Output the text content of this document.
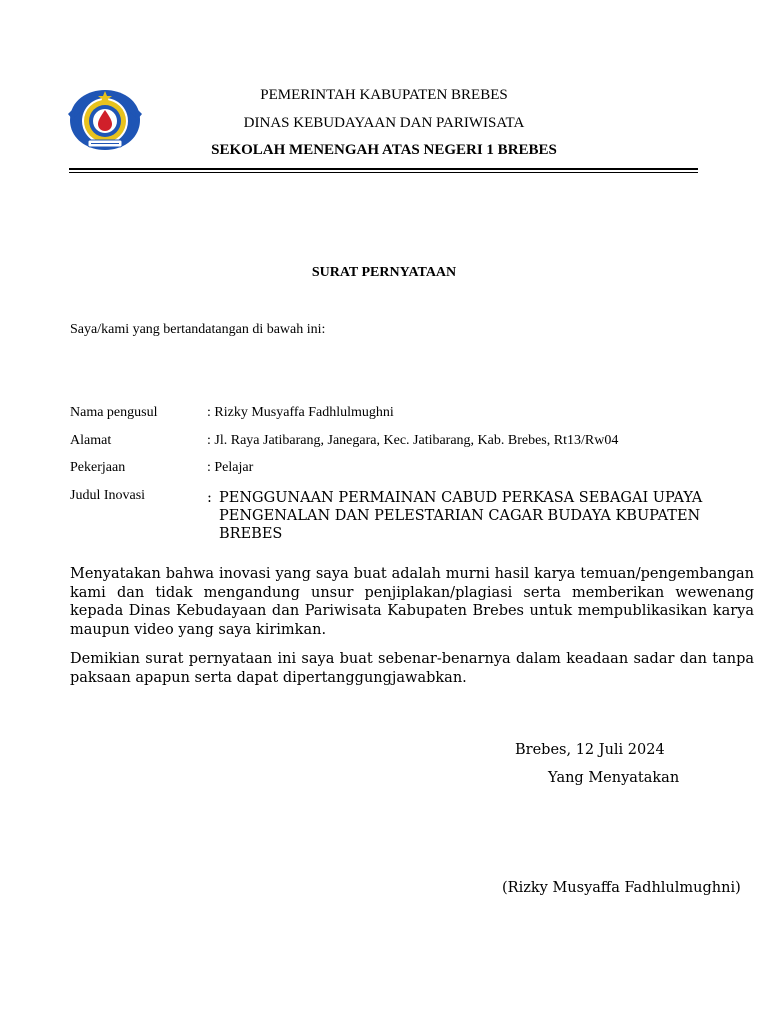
PEMERINTAH KABUPATEN BREBES
DINAS KEBUDAYAAN DAN PARIWISATA
SEKOLAH MENENGAH ATAS NEGERI 1 BREBES
SURAT PERNYATAAN
Saya/kami yang bertandatangan di bawah ini:
Nama pengusul	: Rizky Musyaffa Fadhlulmughni
Alamat	: Jl. Raya Jatibarang, Janegara, Kec. Jatibarang, Kab. Brebes, Rt13/Rw04
Pekerjaan	: Pelajar
Judul Inovasi	: PENGGUNAAN PERMAINAN CABUD PERKASA SEBAGAI UPAYA PENGENALAN DAN PELESTARIAN CAGAR BUDAYA KBUPATEN BREBES
Menyatakan bahwa inovasi yang saya buat adalah murni hasil karya temuan/pengembangan kami dan tidak mengandung unsur penjiplakan/plagiasi serta memberikan wewenang kepada Dinas Kebudayaan dan Pariwisata Kabupaten Brebes untuk mempublikasikan karya maupun video yang saya kirimkan.
Demikian surat pernyataan ini saya buat sebenar-benarnya dalam keadaan sadar dan tanpa paksaan apapun serta dapat dipertanggungjawabkan.
Brebes, 12 Juli 2024
Yang Menyatakan
(Rizky Musyaffa Fadhlulmughni)
